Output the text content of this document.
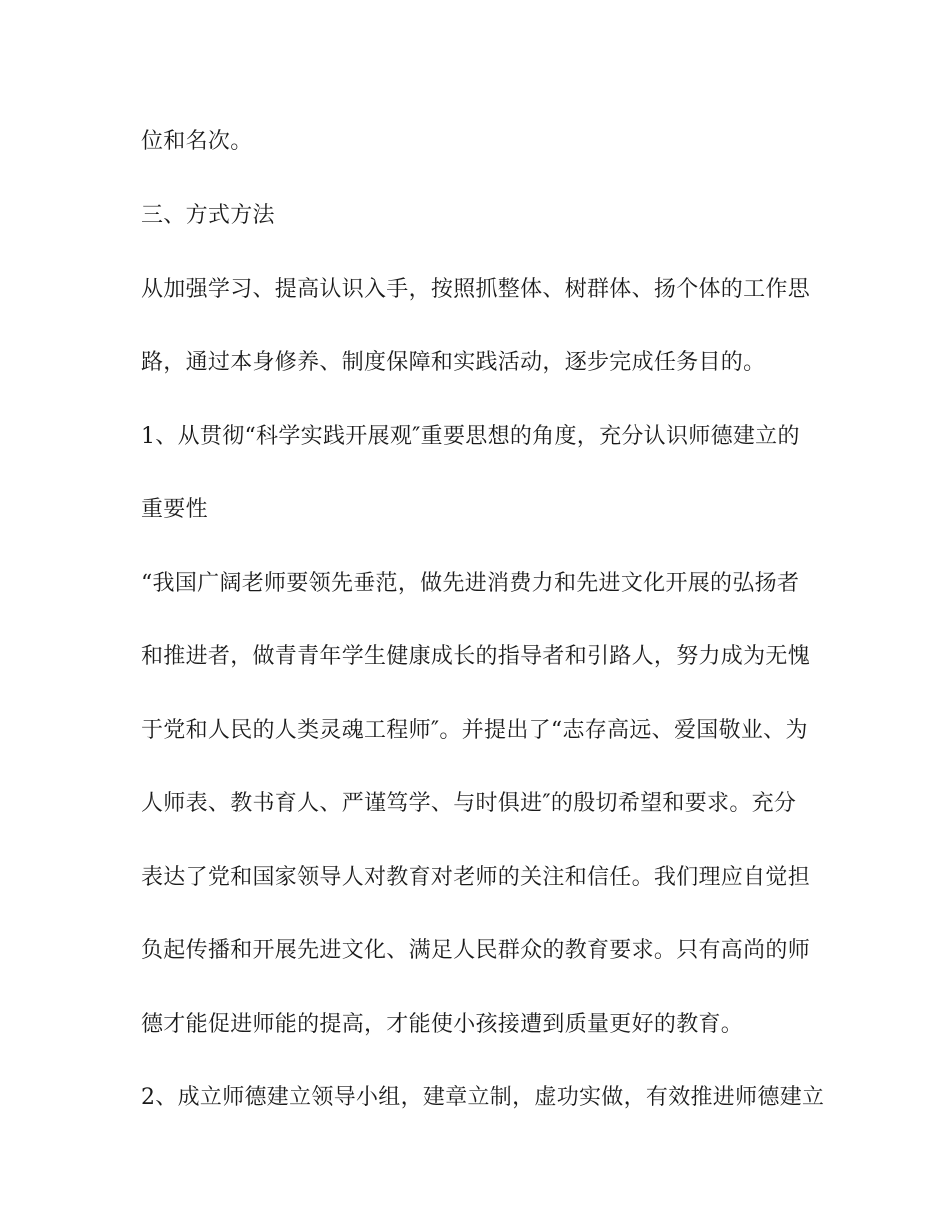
位和名次。
三、方式方法
从加强学习、提高认识入手，按照抓整体、树群体、扬个体的工作思
路，通过本身修养、制度保障和实践活动，逐步完成任务目的。
1、从贯彻“科学实践开展观″重要思想的角度，充分认识师德建立的
重要性
“我国广阔老师要领先垂范，做先进消费力和先进文化开展的弘扬者
和推进者，做青青年学生健康成长的指导者和引路人，努力成为无愧
于党和人民的人类灵魂工程师″。并提出了“志存高远、爱国敬业、为
人师表、教书育人、严谨笃学、与时俱进″的殷切希望和要求。充分
表达了党和国家领导人对教育对老师的关注和信任。我们理应自觉担
负起传播和开展先进文化、满足人民群众的教育要求。只有高尚的师
德才能促进师能的提高，才能使小孩接遭到质量更好的教育。
2、成立师德建立领导小组，建章立制，虚功实做，有效推进师德建立
